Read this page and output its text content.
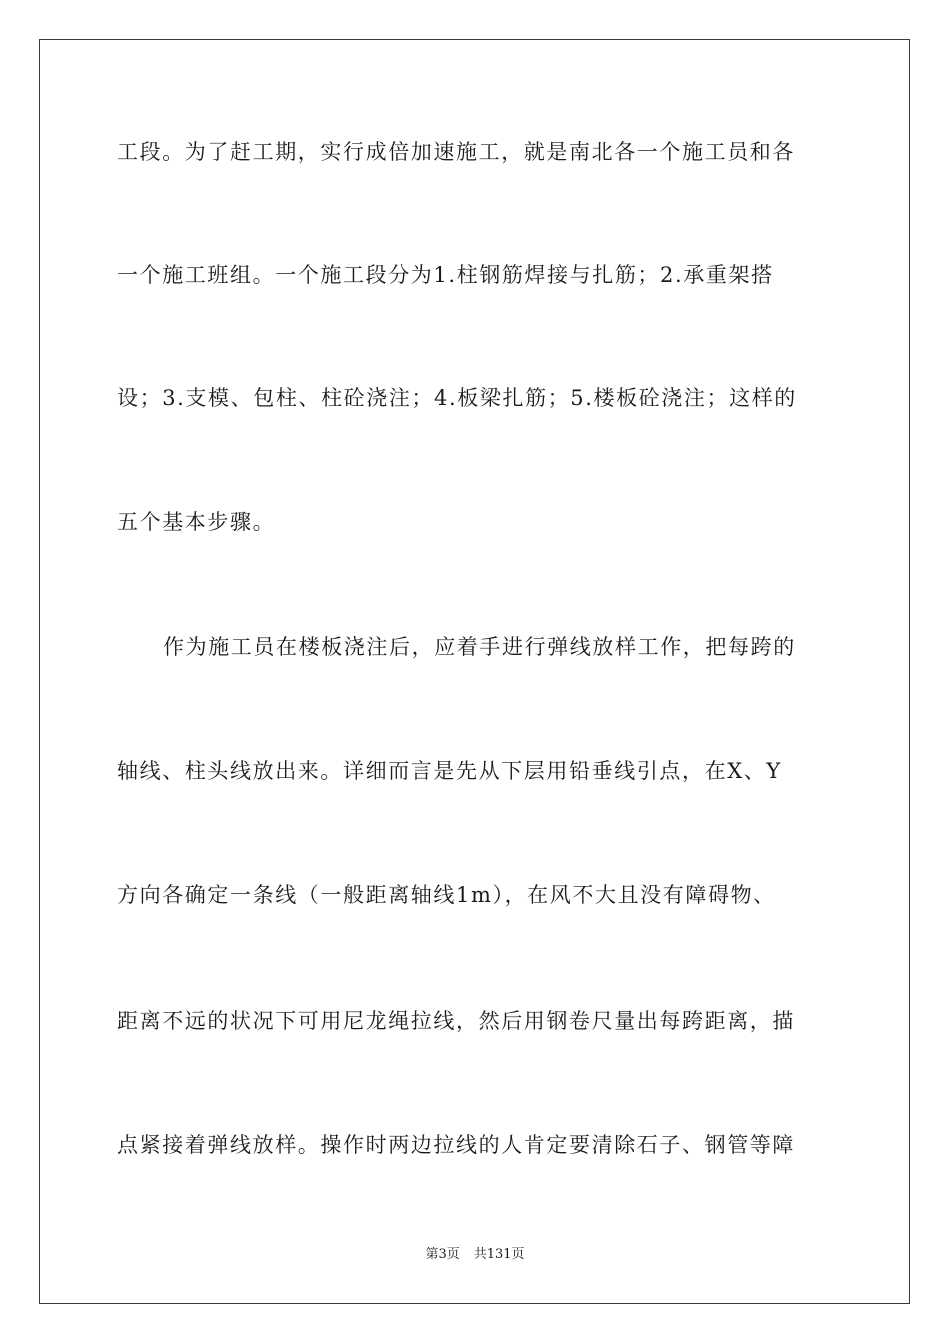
工段。为了赶工期，实行成倍加速施工，就是南北各一个施工员和各
一个施工班组。一个施工段分为1.柱钢筋焊接与扎筋；2.承重架搭
设；3.支模、包柱、柱砼浇注；4.板梁扎筋；5.楼板砼浇注；这样的
五个基本步骤。
作为施工员在楼板浇注后，应着手进行弹线放样工作，把每跨的
轴线、柱头线放出来。详细而言是先从下层用铅垂线引点，在X、Y
方向各确定一条线（一般距离轴线1m），在风不大且没有障碍物、
距离不远的状况下可用尼龙绳拉线，然后用钢卷尺量出每跨距离，描
点紧接着弹线放样。操作时两边拉线的人肯定要清除石子、钢管等障
第3页 共131页
